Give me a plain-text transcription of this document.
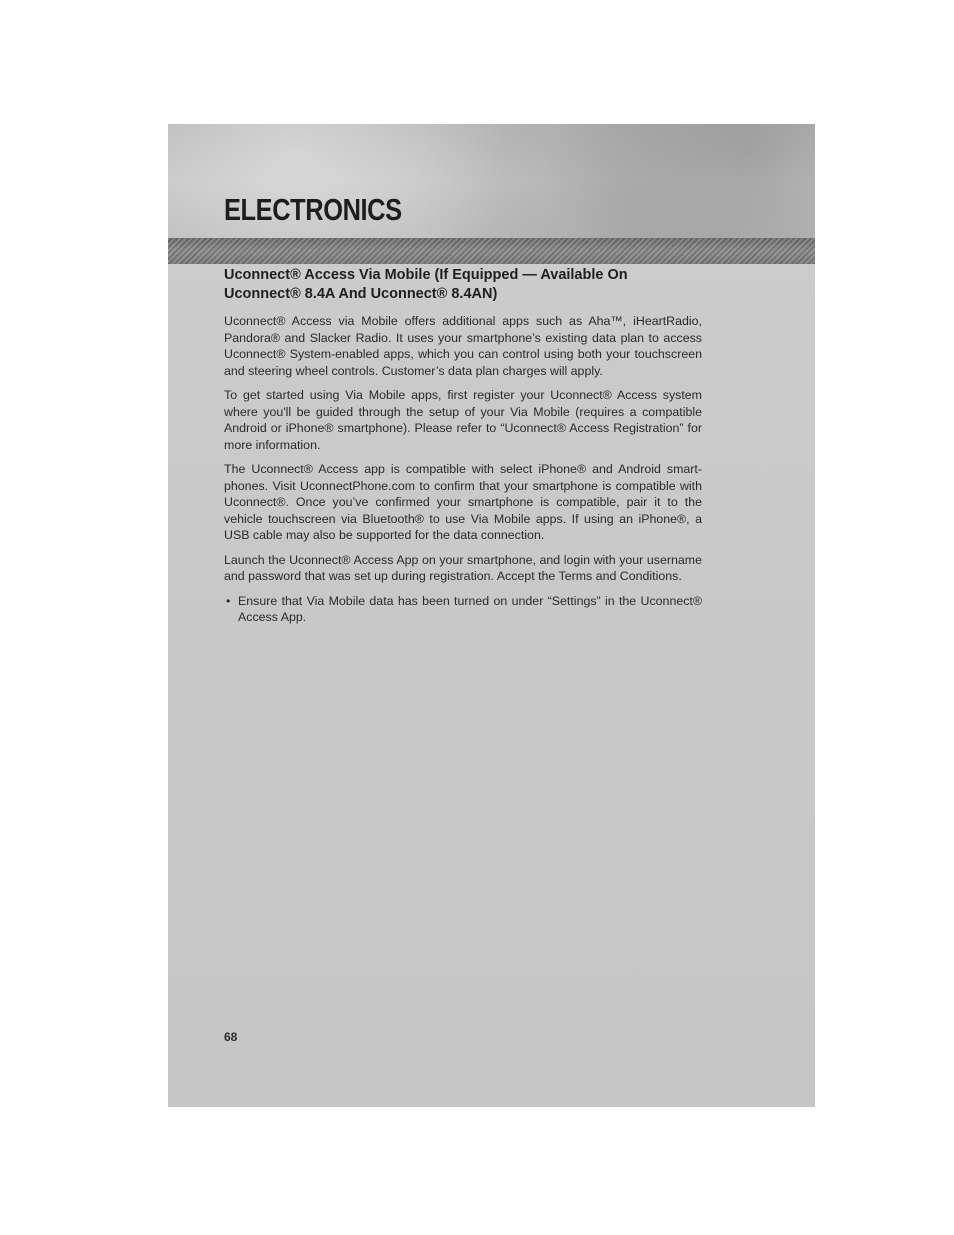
ELECTRONICS
Uconnect® Access Via Mobile (If Equipped — Available On Uconnect® 8.4A And Uconnect® 8.4AN)

Uconnect® Access via Mobile offers additional apps such as Aha™, iHeartRadio, Pandora® and Slacker Radio. It uses your smartphone’s existing data plan to access Uconnect® System-enabled apps, which you can control using both your touchscreen and steering wheel controls. Customer’s data plan charges will apply.

To get started using Via Mobile apps, first register your Uconnect® Access system where you'll be guided through the setup of your Via Mobile (requires a compatible Android or iPhone® smartphone). Please refer to “Uconnect® Access Registration” for more information.

The Uconnect® Access app is compatible with select iPhone® and Android smart-phones. Visit UconnectPhone.com to confirm that your smartphone is compatible with Uconnect®. Once you’ve confirmed your smartphone is compatible, pair it to the vehicle touchscreen via Bluetooth® to use Via Mobile apps. If using an iPhone®, a USB cable may also be supported for the data connection.

Launch the Uconnect® Access App on your smartphone, and login with your username and password that was set up during registration. Accept the Terms and Conditions.

• Ensure that Via Mobile data has been turned on under “Settings” in the Uconnect® Access App.
68
